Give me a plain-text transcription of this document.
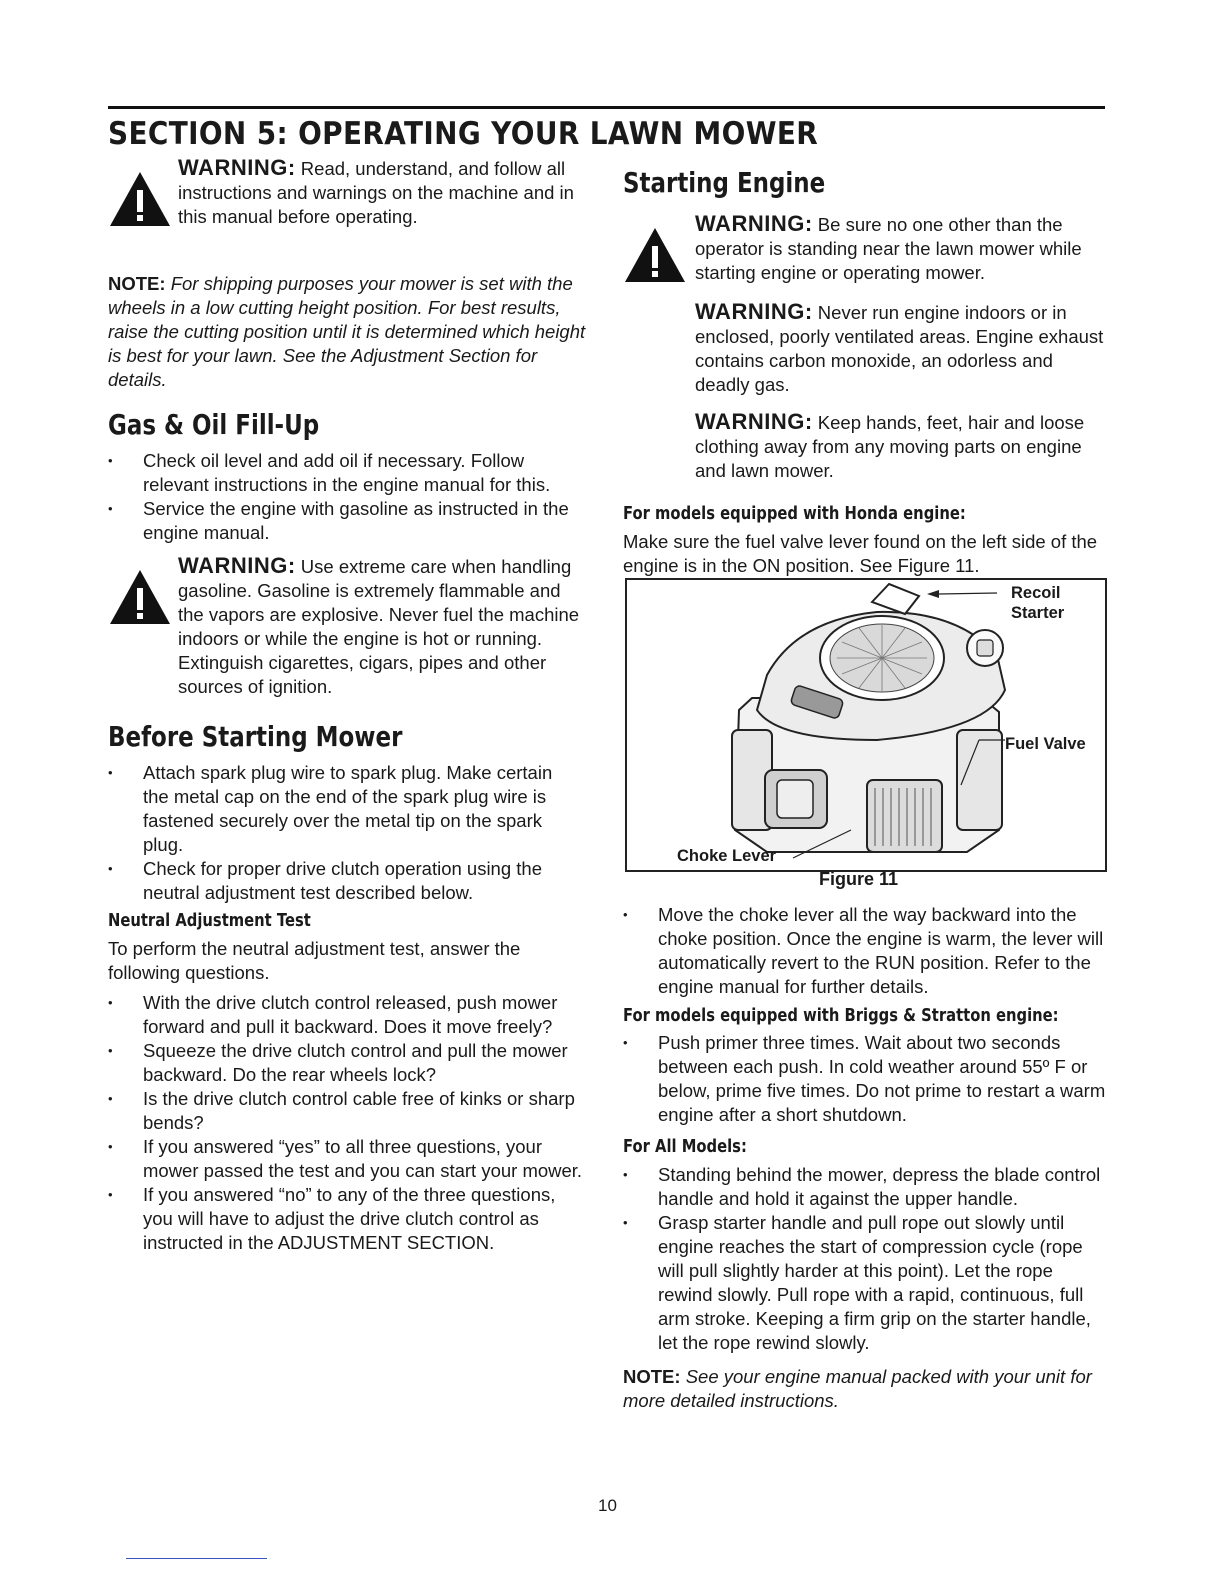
SECTION 5: OPERATING YOUR LAWN MOWER
WARNING: Read, understand, and follow all instructions and warnings on the machine and in this manual before operating.

NOTE: For shipping purposes your mower is set with the wheels in a low cutting height position. For best results, raise the cutting position until it is determined which height is best for your lawn. See the Adjustment Section for details.

Gas & Oil Fill-Up
• Check oil level and add oil if necessary. Follow relevant instructions in the engine manual for this.
• Service the engine with gasoline as instructed in the engine manual.
WARNING: Use extreme care when handling gasoline. Gasoline is extremely flammable and the vapors are explosive. Never fuel the machine indoors or while the engine is hot or running. Extinguish cigarettes, cigars, pipes and other sources of ignition.
Before Starting Mower
• Attach spark plug wire to spark plug. Make certain the metal cap on the end of the spark plug wire is fastened securely over the metal tip on the spark plug.
• Check for proper drive clutch operation using the neutral adjustment test described below.
Neutral Adjustment Test

To perform the neutral adjustment test, answer the following questions.

• With the drive clutch control released, push mower forward and pull it backward. Does it move freely?
• Squeeze the drive clutch control and pull the mower backward. Do the rear wheels lock?
• Is the drive clutch control cable free of kinks or sharp bends?
• If you answered “yes” to all three questions, your mower passed the test and you can start your mower.
• If you answered “no” to any of the three questions, you will have to adjust the drive clutch control as instructed in the ADJUSTMENT SECTION.
Starting Engine
WARNING: Be sure no one other than the operator is standing near the lawn mower while starting engine or operating mower.

WARNING: Never run engine indoors or in enclosed, poorly ventilated areas. Engine exhaust contains carbon monoxide, an odorless and deadly gas.

WARNING: Keep hands, feet, hair and loose clothing away from any moving parts on engine and lawn mower.

For models equipped with Honda engine:

Make sure the fuel valve lever found on the left side of the engine is in the ON position. See Figure 11.

Recoil
Starter
Fuel Valve
Choke Lever
Figure 11
• Move the choke lever all the way backward into the choke position. Once the engine is warm, the lever will automatically revert to the RUN position. Refer to the engine manual for further details.
For models equipped with Briggs & Stratton engine:
• Push primer three times. Wait about two seconds between each push. In cold weather around 55º F or below, prime five times. Do not prime to restart a warm engine after a short shutdown.
For All Models:
• Standing behind the mower, depress the blade control handle and hold it against the upper handle.
• Grasp starter handle and pull rope out slowly until engine reaches the start of compression cycle (rope will pull slightly harder at this point). Let the rope rewind slowly. Pull rope with a rapid, continuous, full arm stroke. Keeping a firm grip on the starter handle, let the rope rewind slowly.

NOTE: See your engine manual packed with your unit for more detailed instructions.

10
